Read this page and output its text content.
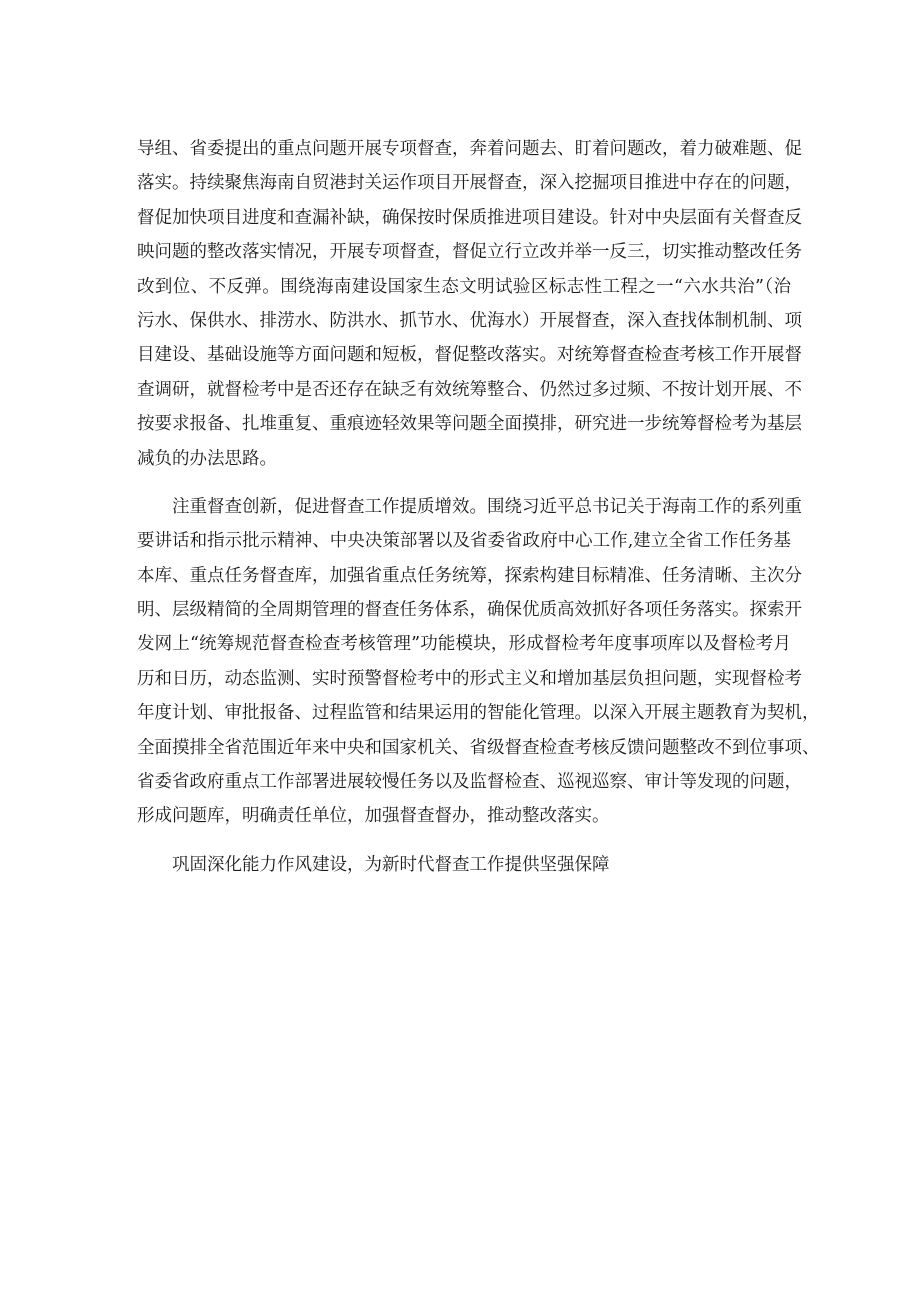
导组、省委提出的重点问题开展专项督查，奔着问题去、盯着问题改，着力破难题、促
落实。持续聚焦海南自贸港封关运作项目开展督查，深入挖掘项目推进中存在的问题，
督促加快项目进度和查漏补缺，确保按时保质推进项目建设。针对中央层面有关督查反
映问题的整改落实情况，开展专项督查，督促立行立改并举一反三，切实推动整改任务
改到位、不反弹。围绕海南建设国家生态文明试验区标志性工程之一“六水共治”（治
污水、保供水、排涝水、防洪水、抓节水、优海水）开展督查，深入查找体制机制、项
目建设、基础设施等方面问题和短板，督促整改落实。对统筹督查检查考核工作开展督
查调研，就督检考中是否还存在缺乏有效统筹整合、仍然过多过频、不按计划开展、不
按要求报备、扎堆重复、重痕迹轻效果等问题全面摸排，研究进一步统筹督检考为基层
减负的办法思路。
注重督查创新，促进督查工作提质增效。围绕习近平总书记关于海南工作的系列重
要讲话和指示批示精神、中央决策部署以及省委省政府中心工作,建立全省工作任务基
本库、重点任务督查库，加强省重点任务统筹，探索构建目标精准、任务清晰、主次分
明、层级精简的全周期管理的督查任务体系，确保优质高效抓好各项任务落实。探索开
发网上“统筹规范督查检查考核管理”功能模块，形成督检考年度事项库以及督检考月
历和日历，动态监测、实时预警督检考中的形式主义和增加基层负担问题，实现督检考
年度计划、审批报备、过程监管和结果运用的智能化管理。以深入开展主题教育为契机，
全面摸排全省范围近年来中央和国家机关、省级督查检查考核反馈问题整改不到位事项、
省委省政府重点工作部署进展较慢任务以及监督检查、巡视巡察、审计等发现的问题，
形成问题库，明确责任单位，加强督查督办，推动整改落实。
巩固深化能力作风建设，为新时代督查工作提供坚强保障
